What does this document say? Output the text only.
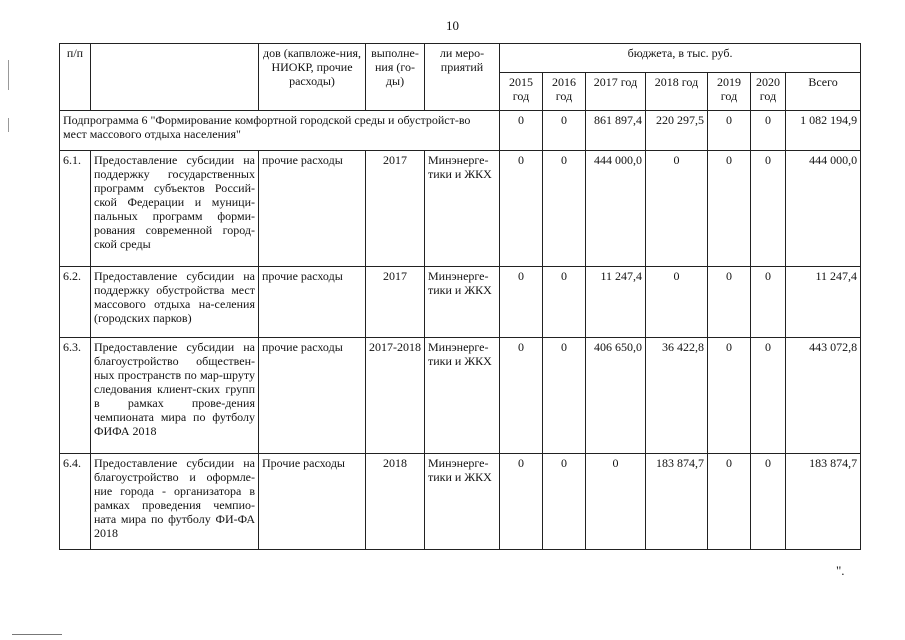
10
п/п		дов (капвложе-ния, НИОКР, прочие расходы)	выполне-ния (го-ды)	ли меро-приятий	бюджета, в тыс. руб.						
					2015 год	2016 год	2017 год	2018 год	2019 год	2020 год	Всего
Подпрограмма 6 "Формирование комфортной городской среды и обустройст-во мест массового отдыха населения"					0	0	861 897,4	220 297,5	0	0	1 082 194,9
6.1.	Предоставление субсидии на поддержку государственных программ субъектов Россий-ской Федерации и муници-пальных программ форми-рования современной город-ской среды	прочие расходы	2017	Минэнерге-тики и ЖКХ	0	0	444 000,0	0	0	0	444 000,0
6.2.	Предоставление субсидии на поддержку обустройства мест массового отдыха на-селения (городских парков)	прочие расходы	2017	Минэнерге-тики и ЖКХ	0	0	11 247,4	0	0	0	11 247,4
6.3.	Предоставление субсидии на благоустройство обществен-ных пространств по мар-шруту следования клиент-ских групп в рамках прове-дения чемпионата мира по футболу ФИФА 2018	прочие расходы	2017-2018	Минэнерге-тики и ЖКХ	0	0	406 650,0	36 422,8	0	0	443 072,8
6.4.	Предоставление субсидии на благоустройство и оформле-ние города - организатора в рамках проведения чемпио-ната мира по футболу ФИ-ФА 2018	Прочие расходы	2018	Минэнерге-тики и ЖКХ	0	0	0	183 874,7	0	0	183 874,7
".
